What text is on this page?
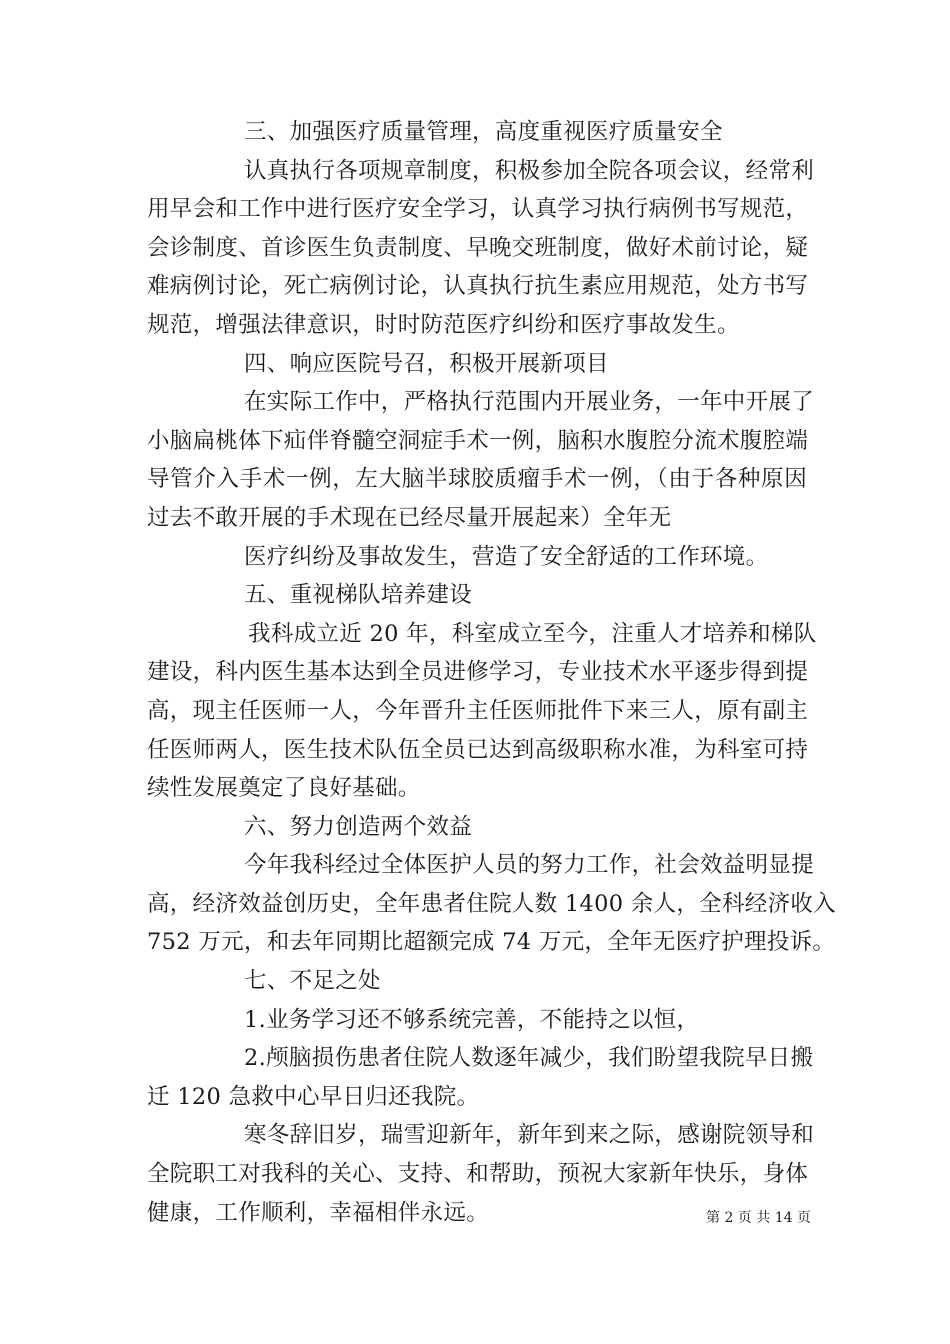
三、加强医疗质量管理，高度重视医疗质量安全
认真执行各项规章制度，积极参加全院各项会议，经常利
用早会和工作中进行医疗安全学习，认真学习执行病例书写规范，
会诊制度、首诊医生负责制度、早晚交班制度，做好术前讨论，疑
难病例讨论，死亡病例讨论，认真执行抗生素应用规范，处方书写
规范，增强法律意识，时时防范医疗纠纷和医疗事故发生。
四、响应医院号召，积极开展新项目
在实际工作中，严格执行范围内开展业务，一年中开展了
小脑扁桃体下疝伴脊髓空洞症手术一例，脑积水腹腔分流术腹腔端
导管介入手术一例，左大脑半球胶质瘤手术一例，（由于各种原因
过去不敢开展的手术现在已经尽量开展起来）全年无
医疗纠纷及事故发生，营造了安全舒适的工作环境。
五、重视梯队培养建设
我科成立近 20 年，科室成立至今，注重人才培养和梯队
建设，科内医生基本达到全员进修学习，专业技术水平逐步得到提
高，现主任医师一人，今年晋升主任医师批件下来三人，原有副主
任医师两人，医生技术队伍全员已达到高级职称水准，为科室可持
续性发展奠定了良好基础。
六、努力创造两个效益
今年我科经过全体医护人员的努力工作，社会效益明显提
高，经济效益创历史，全年患者住院人数 1400 余人，全科经济收入
752 万元，和去年同期比超额完成 74 万元，全年无医疗护理投诉。
七、不足之处
1.业务学习还不够系统完善，不能持之以恒，
2.颅脑损伤患者住院人数逐年减少，我们盼望我院早日搬
迁 120 急救中心早日归还我院。
寒冬辞旧岁，瑞雪迎新年，新年到来之际，感谢院领导和
全院职工对我科的关心、支持、和帮助，预祝大家新年快乐，身体
健康，工作顺利，幸福相伴永远。	第 2 页 共 14 页
